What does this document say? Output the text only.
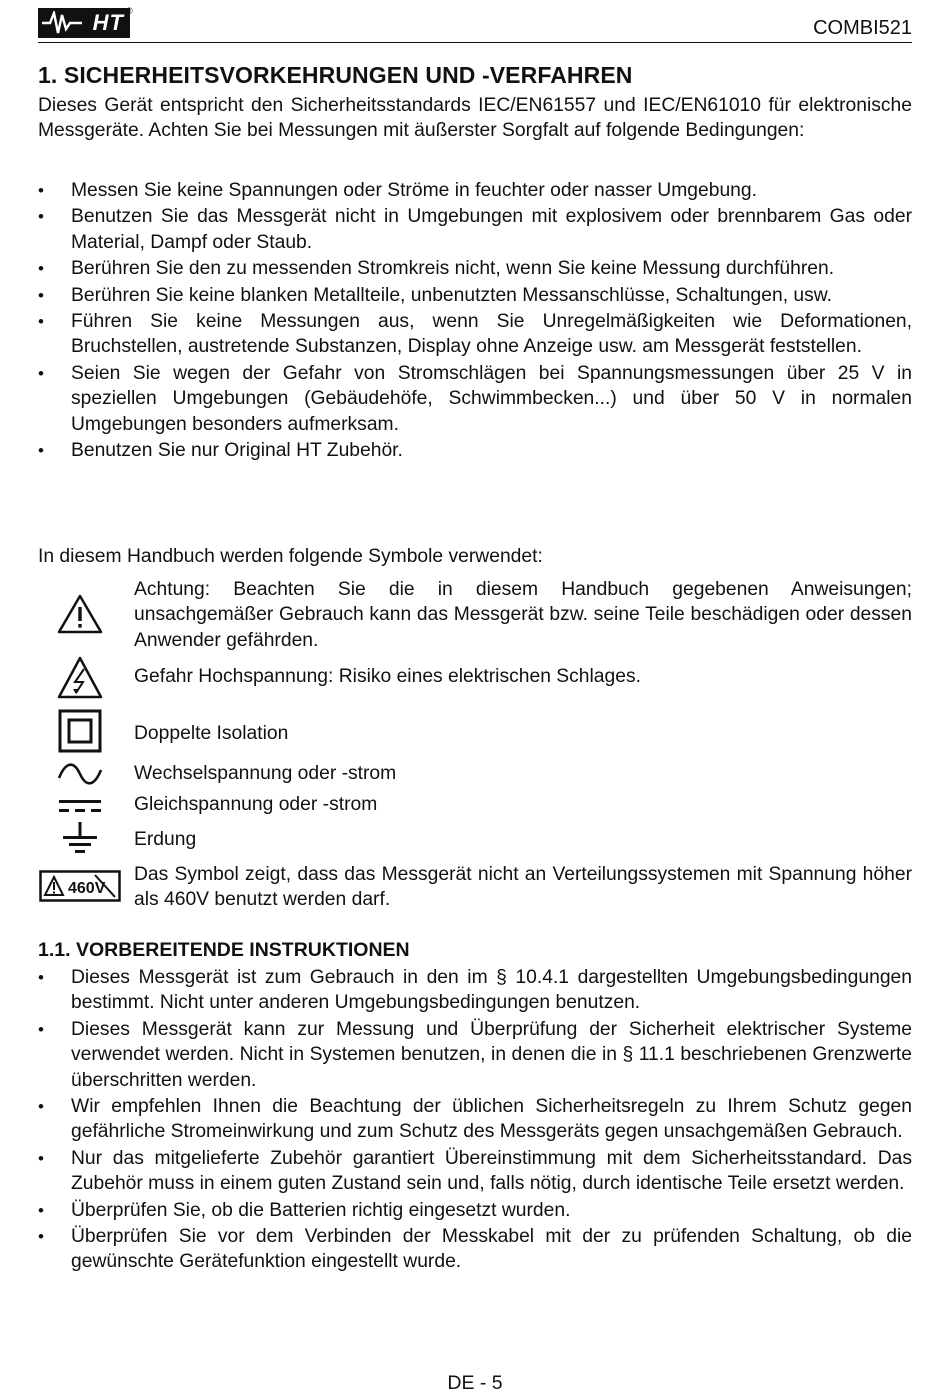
HT ®
COMBI521
1. SICHERHEITSVORKEHRUNGEN UND -VERFAHREN
Dieses Gerät entspricht den Sicherheitsstandards IEC/EN61557 und IEC/EN61010 für elektronische Messgeräte. Achten Sie bei Messungen mit äußerster Sorgfalt auf folgende Bedingungen:
• Messen Sie keine Spannungen oder Ströme in feuchter oder nasser Umgebung.
• Benutzen Sie das Messgerät nicht in Umgebungen mit explosivem oder brennbarem Gas oder Material, Dampf oder Staub.
• Berühren Sie den zu messenden Stromkreis nicht, wenn Sie keine Messung durchführen.
• Berühren Sie keine blanken Metallteile, unbenutzten Messanschlüsse, Schaltungen, usw.
• Führen Sie keine Messungen aus, wenn Sie Unregelmäßigkeiten wie Deformationen, Bruchstellen, austretende Substanzen, Display ohne Anzeige usw. am Messgerät feststellen.
• Seien Sie wegen der Gefahr von Stromschlägen bei Spannungsmessungen über 25 V in speziellen Umgebungen (Gebäudehöfe, Schwimmbecken...) und über 50 V in normalen Umgebungen besonders aufmerksam.
• Benutzen Sie nur Original HT Zubehör.
In diesem Handbuch werden folgende Symbole verwendet:
Achtung: Beachten Sie die in diesem Handbuch gegebenen Anweisungen; unsachgemäßer Gebrauch kann das Messgerät bzw. seine Teile beschädigen oder dessen Anwender gefährden.
Gefahr Hochspannung: Risiko eines elektrischen Schlages.
Doppelte Isolation
Wechselspannung oder -strom
Gleichspannung oder -strom
Erdung
460V
Das Symbol zeigt, dass das Messgerät nicht an Verteilungssystemen mit Spannung höher als 460V benutzt werden darf.
1.1. VORBEREITENDE INSTRUKTIONEN
• Dieses Messgerät ist zum Gebrauch in den im § 10.4.1 dargestellten Umgebungsbedingungen bestimmt. Nicht unter anderen Umgebungsbedingungen benutzen.
• Dieses Messgerät kann zur Messung und Überprüfung der Sicherheit elektrischer Systeme verwendet werden. Nicht in Systemen benutzen, in denen die in § 11.1 beschriebenen Grenzwerte überschritten werden.
• Wir empfehlen Ihnen die Beachtung der üblichen Sicherheitsregeln zu Ihrem Schutz gegen gefährliche Stromeinwirkung und zum Schutz des Messgeräts gegen unsachgemäßen Gebrauch.
• Nur das mitgelieferte Zubehör garantiert Übereinstimmung mit dem Sicherheitsstandard. Das Zubehör muss in einem guten Zustand sein und, falls nötig, durch identische Teile ersetzt werden.
• Überprüfen Sie, ob die Batterien richtig eingesetzt wurden.
• Überprüfen Sie vor dem Verbinden der Messkabel mit der zu prüfenden Schaltung, ob die gewünschte Gerätefunktion eingestellt wurde.
DE - 5
